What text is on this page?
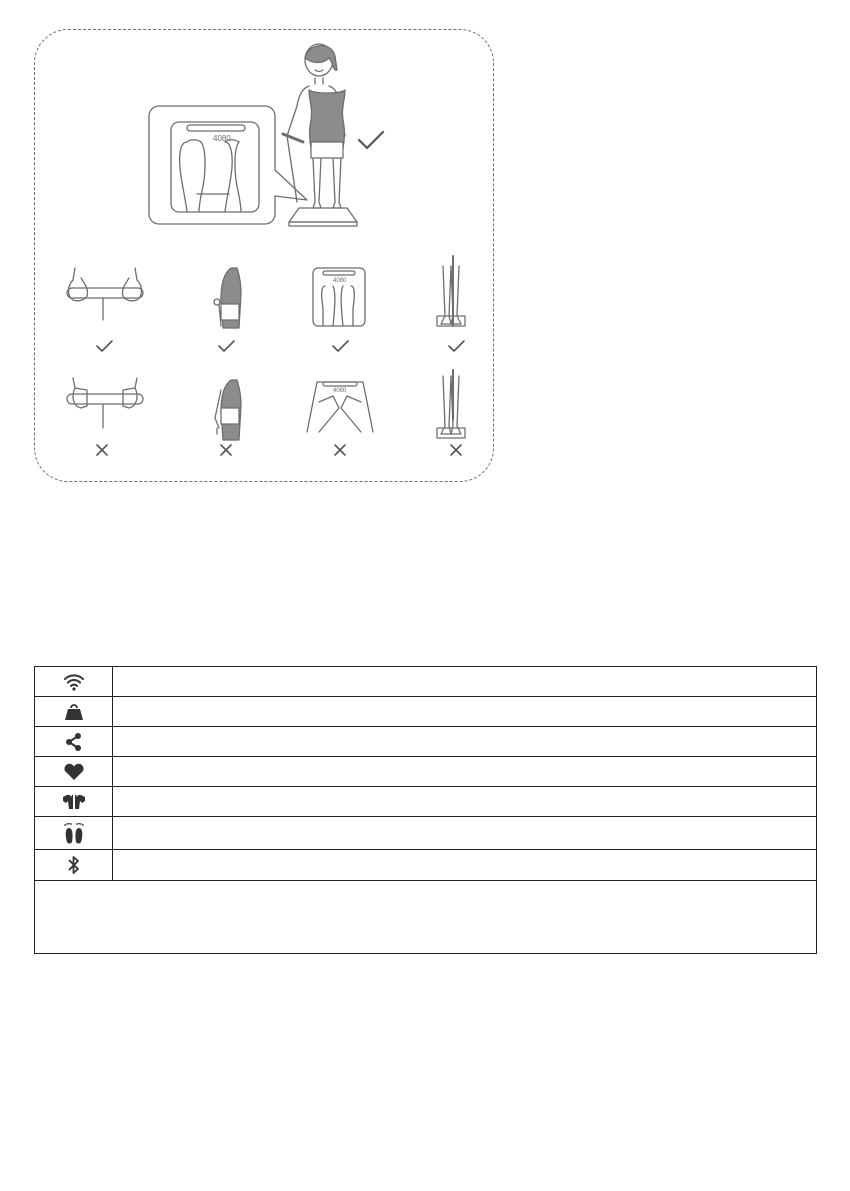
4080
4080
4080
